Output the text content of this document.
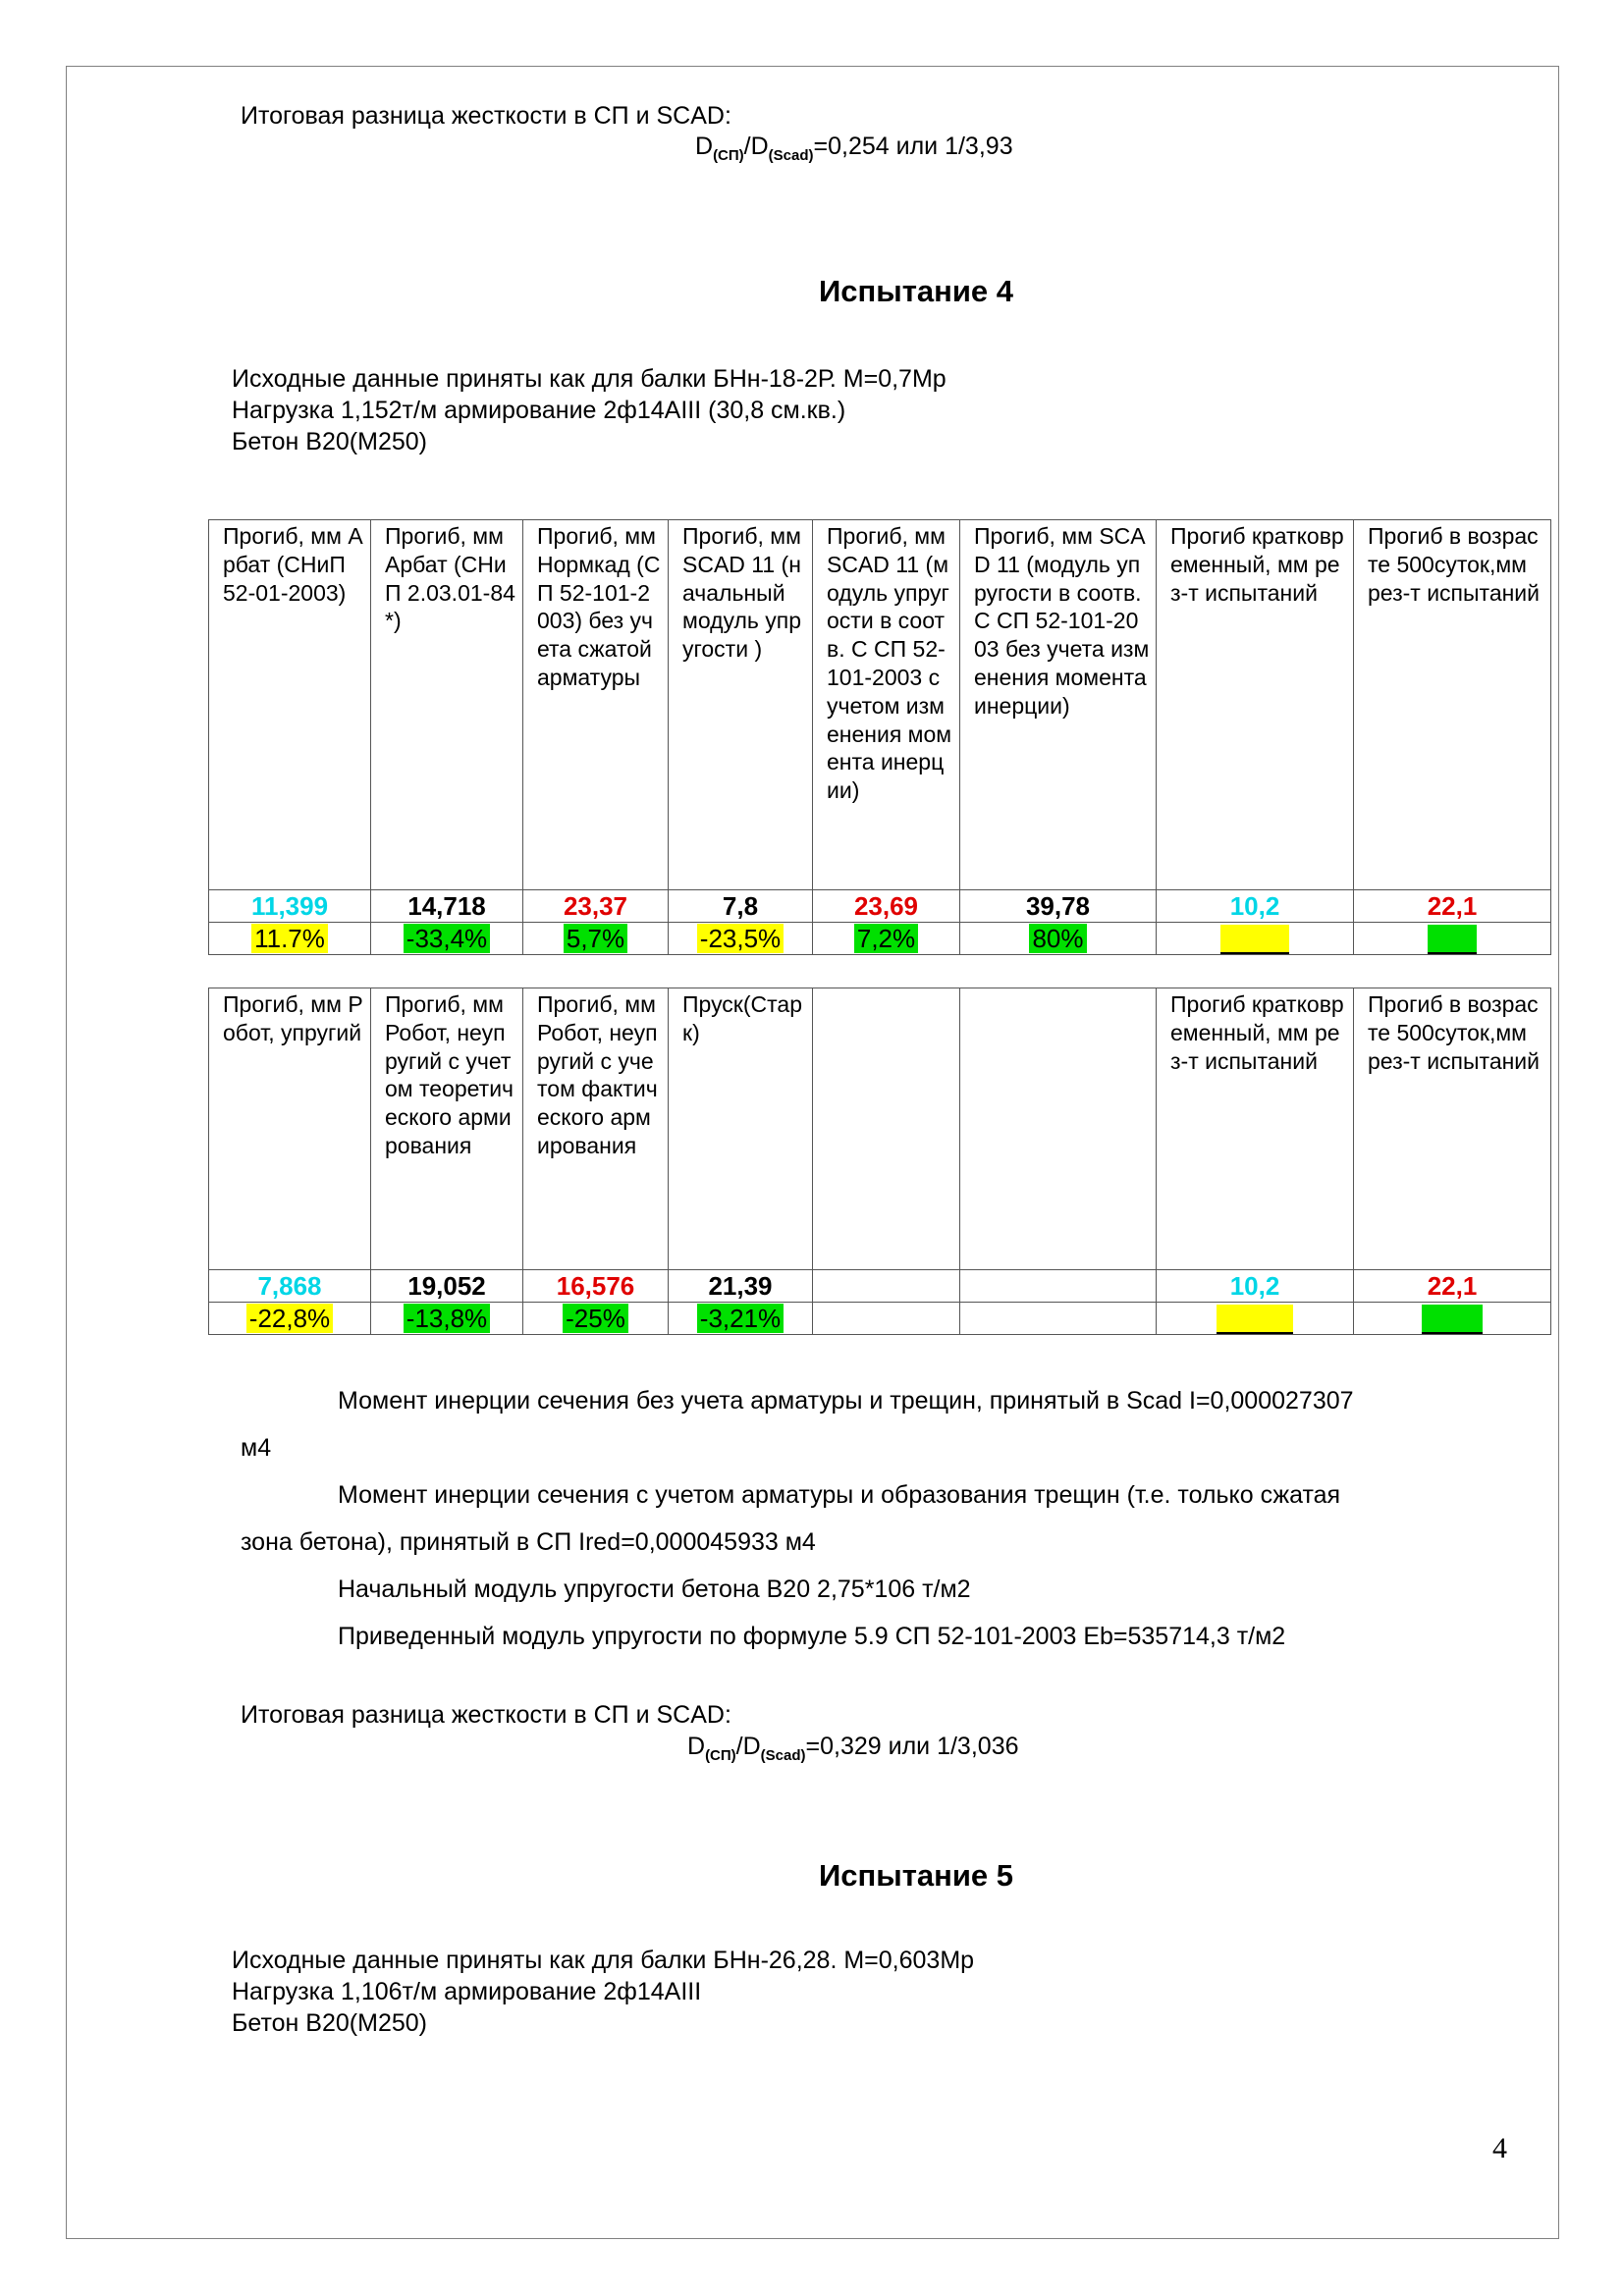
Итоговая разница жесткости в СП и SCAD:
$D_{(СП)}/D_{(Scad)}=0,254$ или 1/3,93
Испытание 4
Исходные данные приняты как для балки БНн-18-2Р. М=0,7Мр
Нагрузка 1,152т/м армирование 2ф14АIII (30,8 см.кв.)
Бетон В20(М250)
Прогиб, мм Арбат (СНиП 52-01-2003)	Прогиб, мм Арбат (СНиП 2.03.01-84*)	Прогиб, мм Нормкад (СП 52-101-2003) без учета сжатой арматуры	Прогиб, мм SCAD 11 (начальный модуль упругости )	Прогиб, мм SCAD 11 (модуль упругости в соотв. С СП 52-101-2003 с учетом изменения момента инерции)	Прогиб, мм SCAD 11 (модуль упругости в соотв. С СП 52-101-2003 без учета изменения момента инерции)	Прогиб кратковременный, мм рез-т испытаний	Прогиб в возрасте 500суток,мм рез-т испытаний
11,399	14,718	23,37	7,8	23,69	39,78	10,2	22,1
11.7%	-33,4%	5,7%	-23,5%	7,2%	80%		
Прогиб, мм Робот, упругий	Прогиб, мм Робот, неупругий с учетом теоретического армирования	Прогиб, мм Робот, неупругий с учетом фактического армирования	Пруск(Старк)			Прогиб кратковременный, мм рез-т испытаний	Прогиб в возрасте 500суток,мм рез-т испытаний
7,868	19,052	16,576	21,39			10,2	22,1
-22,8%	-13,8%	-25%	-3,21%				
Момент инерции сечения без учета арматуры и трещин, принятый в Scad I=0,000027307
м4
Момент инерции сечения с учетом арматуры и образования трещин (т.е. только сжатая
зона бетона), принятый в СП Ired=0,000045933 м4
Начальный модуль упругости бетона В20 2,75*106 т/м2
Приведенный модуль упругости по формуле 5.9 СП 52-101-2003 Eb=535714,3 т/м2
Итоговая разница жесткости в СП и SCAD:
$D_{(СП)}/D_{(Scad)}=0,329$ или 1/3,036
Испытание 5
Исходные данные приняты как для балки БНн-26,28. М=0,603Мр
Нагрузка 1,106т/м армирование 2ф14АIII
Бетон В20(М250)
4
